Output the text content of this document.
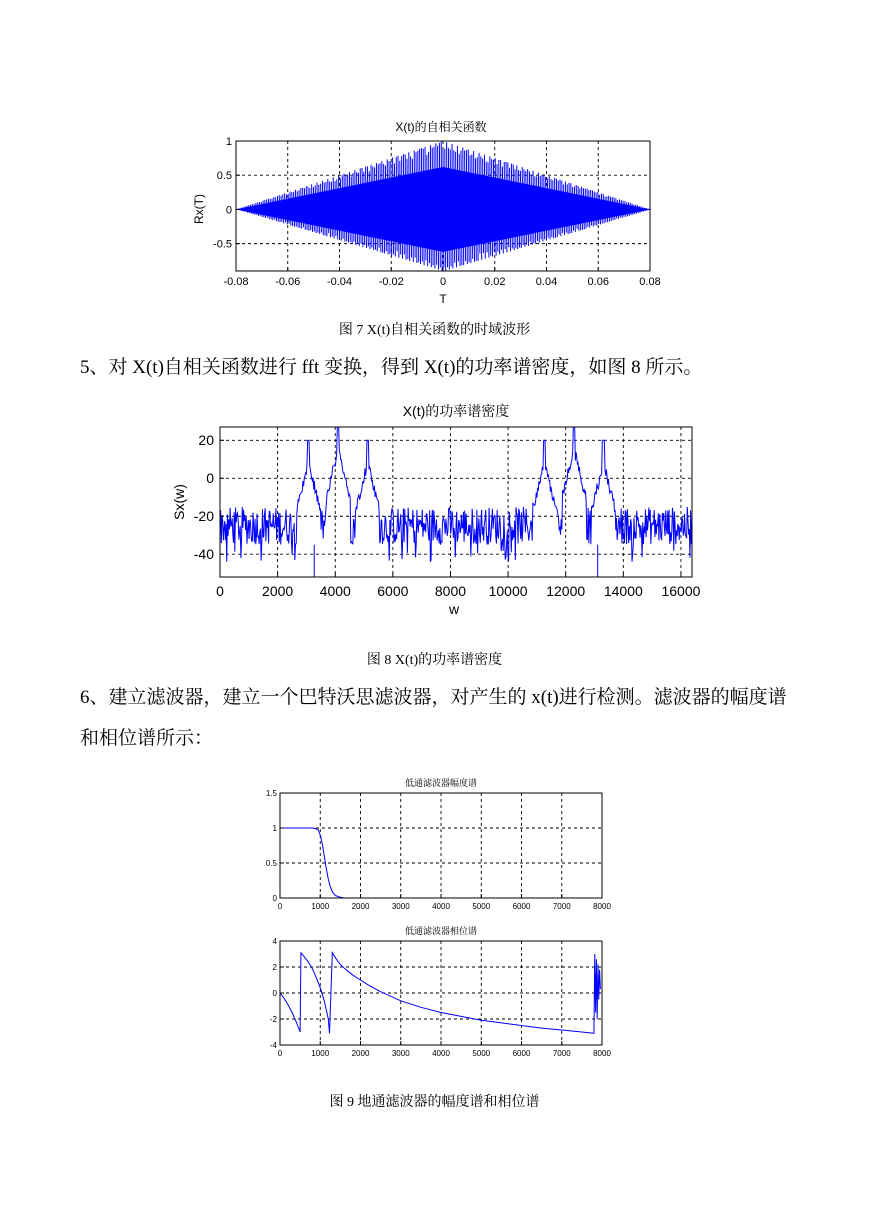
X(t)的自相关函数
-0.08 -0.06 -0.04 -0.02	0	0.02	0.04	0.06	0.08
1
0.5
0
-0.5
T
Rx(T)
图 7 X(t)自相关函数的时域波形
5、对 X(t)自相关函数进行 fft 变换，得到 X(t)的功率谱密度，如图 8 所示。
X(t)的功率谱密度
0	2000 4000 6000 8000 10000 12000 14000 16000
20
0
-20
-40
w
Sx(w)
图 8 X(t)的功率谱密度
6、建立滤波器，建立一个巴特沃思滤波器，对产生的 x(t)进行检测。滤波器的幅度谱和相位谱所示：
低通滤波器幅度谱
0	1000	2000	3000	4000	5000	6000	7000	8000
1.5
1
0.5
0
低通滤波器相位谱
0	1000	2000	3000	4000	5000	6000	7000	8000
4
2
0
-2
-4
图 9 地通滤波器的幅度谱和相位谱
